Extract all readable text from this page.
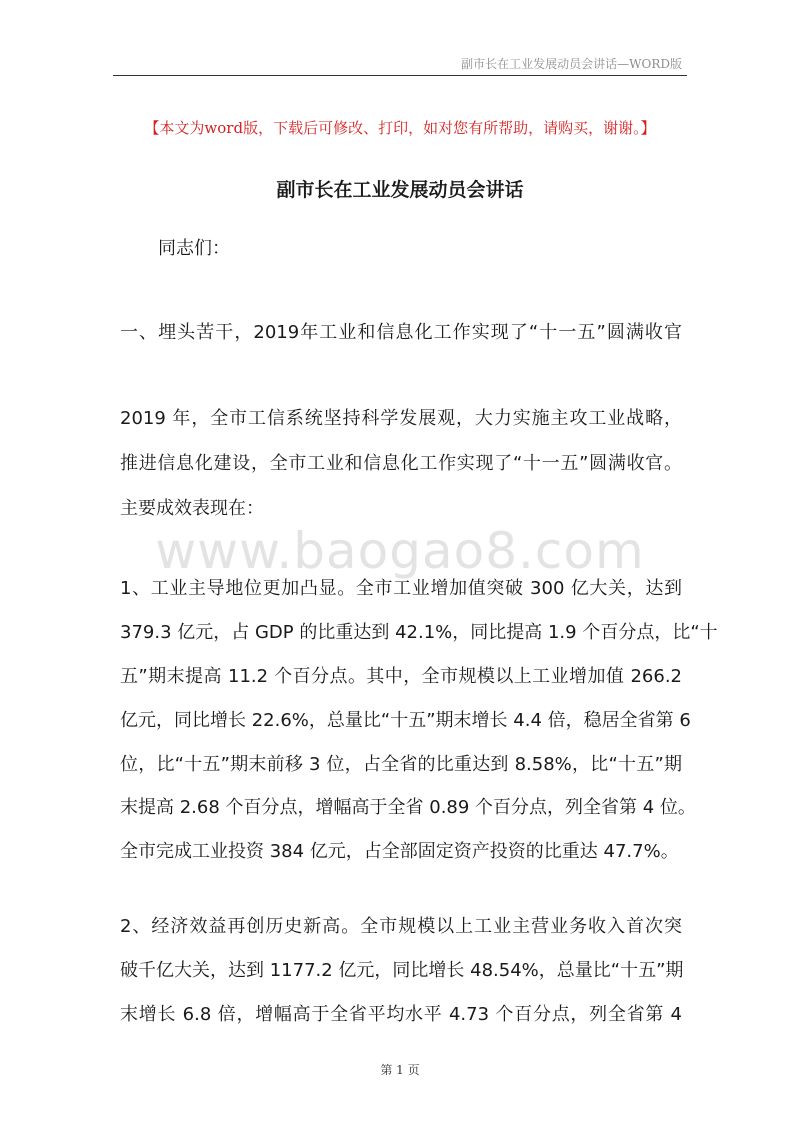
副市长在工业发展动员会讲话—WORD版
【本文为word版，下载后可修改、打印，如对您有所帮助，请购买，谢谢。】
副市长在工业发展动员会讲话
同志们：
一、埋头苦干，2019年工业和信息化工作实现了“十一五”圆满收官
2019 年，全市工信系统坚持科学发展观，大力实施主攻工业战略，
推进信息化建设，全市工业和信息化工作实现了“十一五”圆满收官。
主要成效表现在：
1、工业主导地位更加凸显。全市工业增加值突破 300 亿大关，达到
379.3 亿元，占 GDP 的比重达到 42.1%，同比提高 1.9 个百分点，比“十
五”期末提高 11.2 个百分点。其中，全市规模以上工业增加值 266.2
亿元，同比增长 22.6%，总量比“十五”期末增长 4.4 倍，稳居全省第 6
位，比“十五”期末前移 3 位，占全省的比重达到 8.58%，比“十五”期
末提高 2.68 个百分点，增幅高于全省 0.89 个百分点，列全省第 4 位。
全市完成工业投资 384 亿元，占全部固定资产投资的比重达 47.7%。
2、经济效益再创历史新高。全市规模以上工业主营业务收入首次突
破千亿大关，达到 1177.2 亿元，同比增长 48.54%，总量比“十五”期
末增长 6.8 倍，增幅高于全省平均水平 4.73 个百分点，列全省第 4
www.baogao8.com
第 1 页
